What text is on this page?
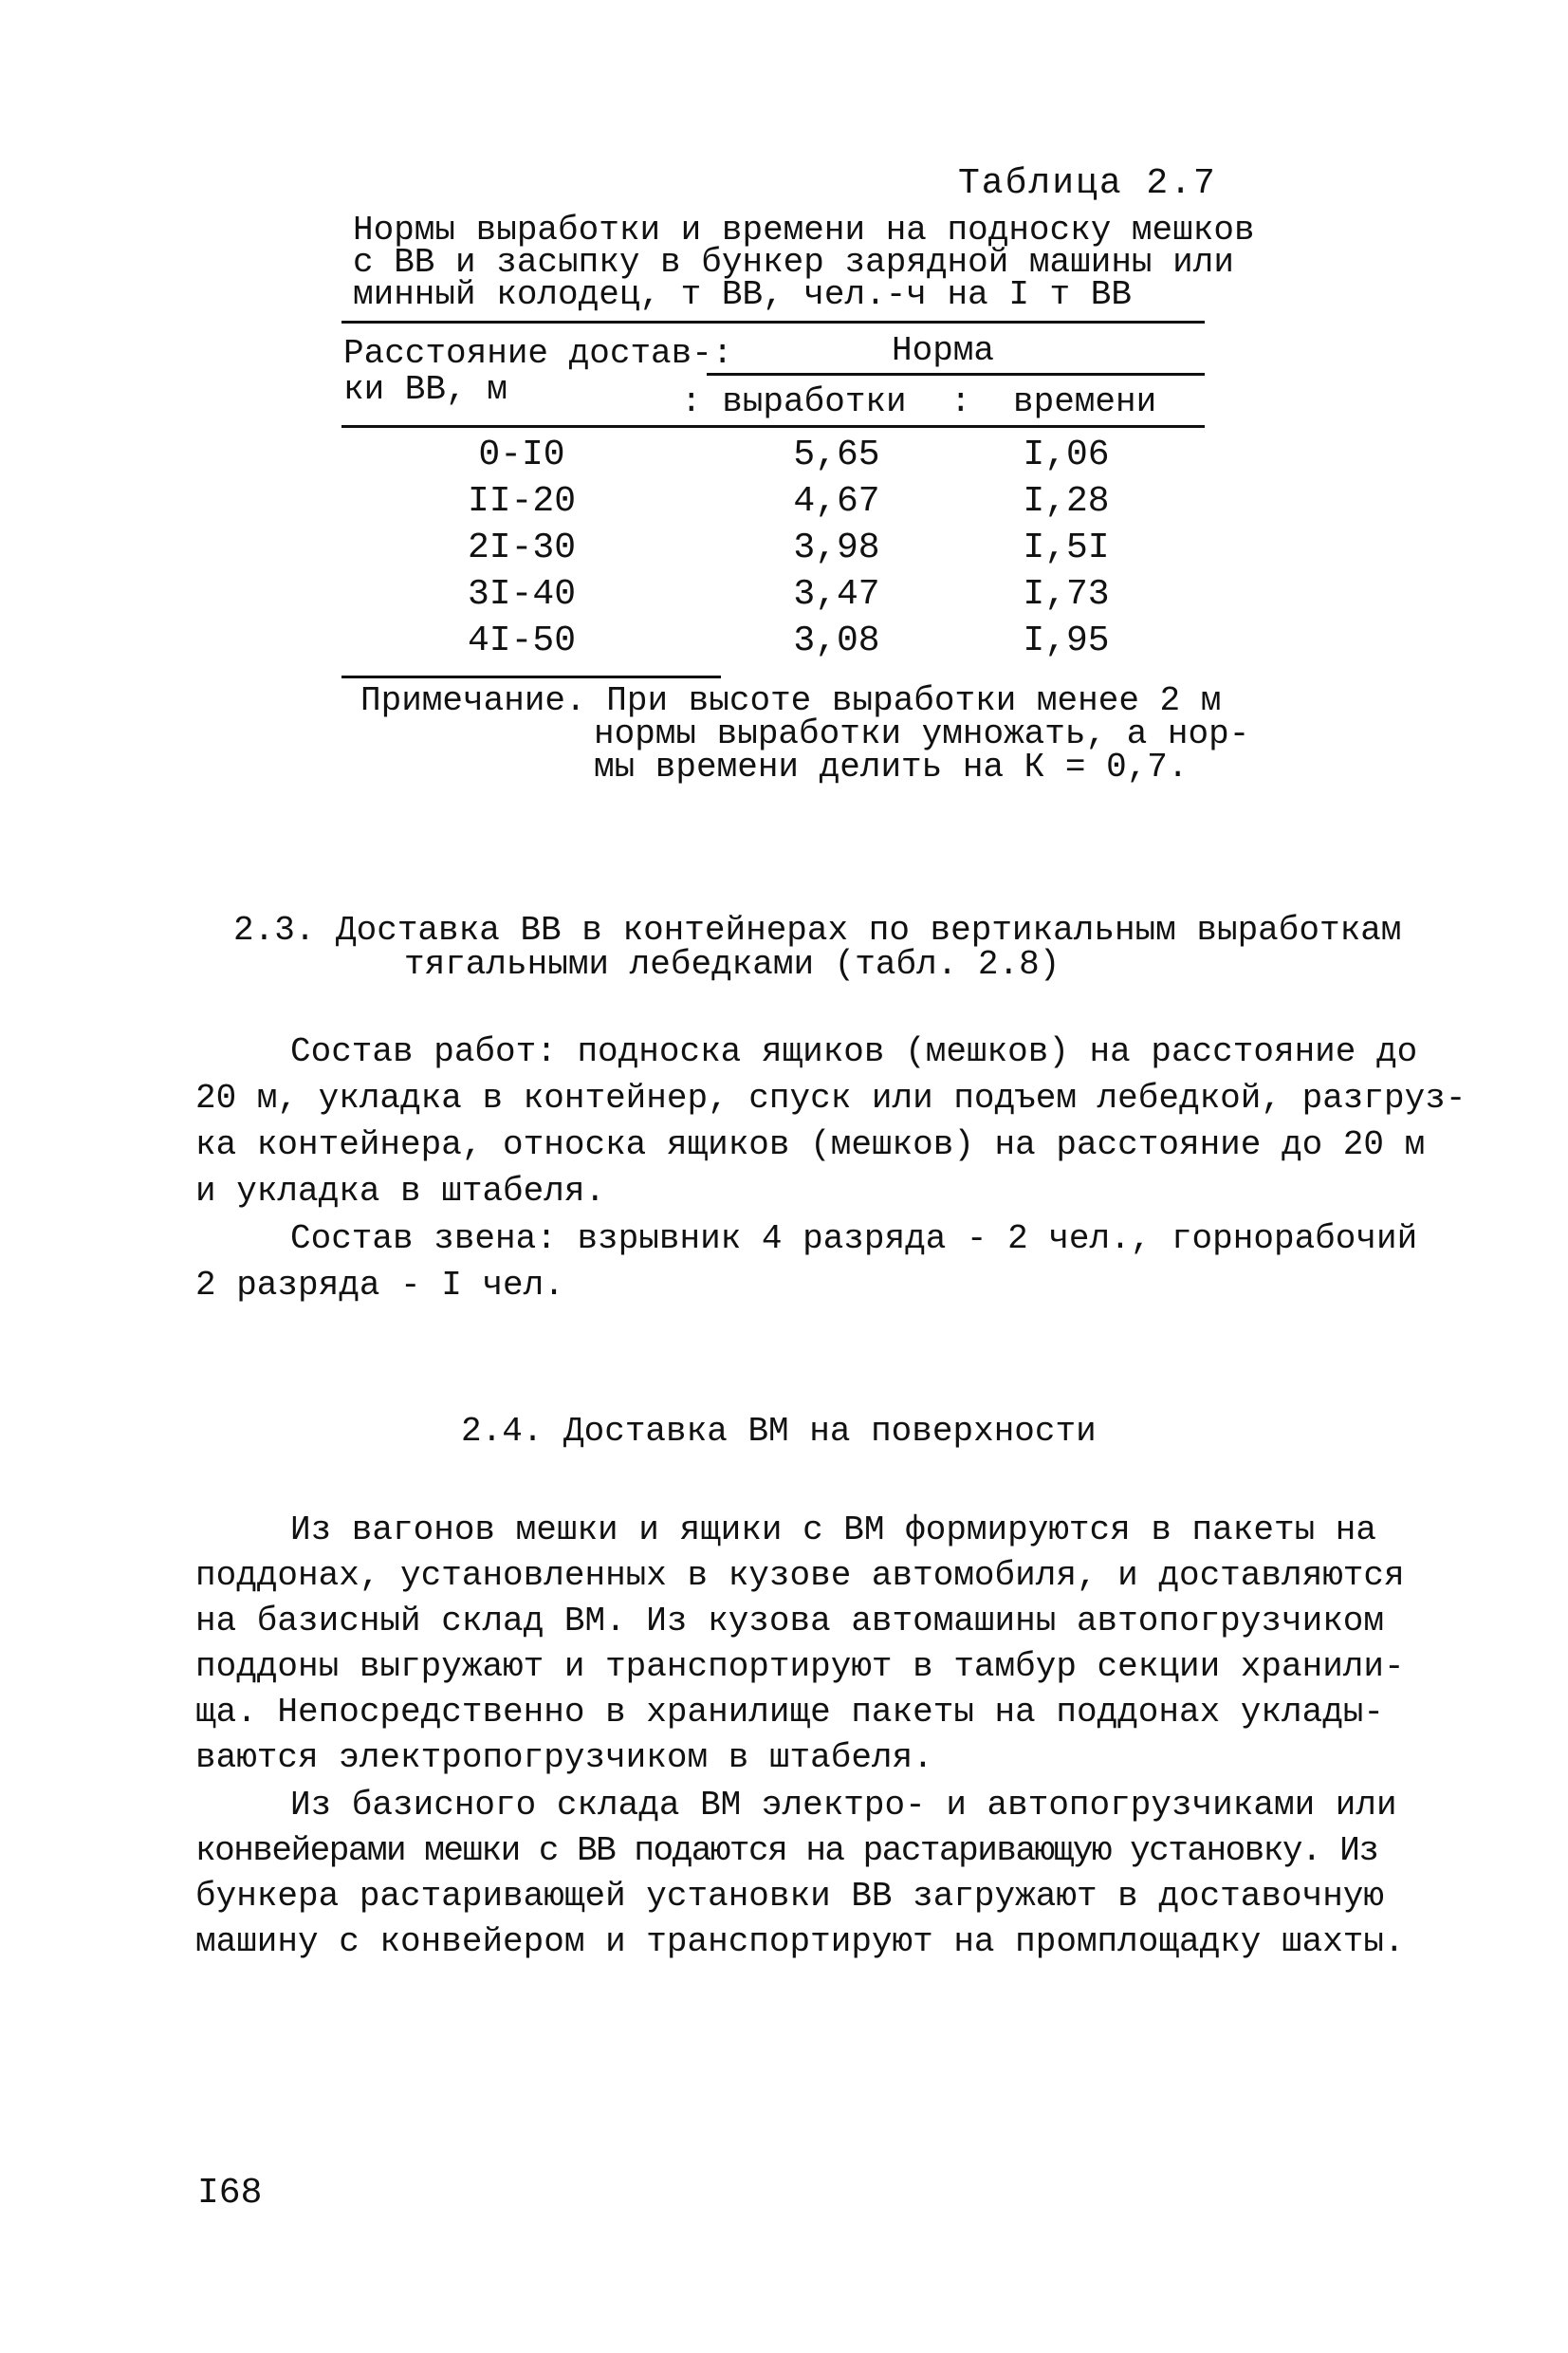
Таблица 2.7
Нормы выработки и времени на подноску мешков
с ВВ и засыпку в бункер зарядной машины или
минный колодец, т ВВ, чел.-ч на I т ВВ
Расстояние достав-:
ки ВВ, м
Норма
: выработки : времени
0-I0	5,65	I,06
II-20	4,67	I,28
2I-30	3,98	I,5I
3I-40	3,47	I,73
4I-50	3,08	I,95
Примечание. При высоте выработки менее 2 м
нормы выработки умножать, а нор-
мы времени делить на К = 0,7.
2.3. Доставка ВВ в контейнерах по вертикальным выработкам
тягальными лебедками (табл. 2.8)
Состав работ: подноска ящиков (мешков) на расстояние до
20 м, укладка в контейнер, спуск или подъем лебедкой, разгруз-
ка контейнера, относка ящиков (мешков) на расстояние до 20 м
и укладка в штабеля.
Состав звена: взрывник 4 разряда - 2 чел., горнорабочий
2 разряда - I чел.
2.4. Доставка ВМ на поверхности
Из вагонов мешки и ящики с ВМ формируются в пакеты на
поддонах, установленных в кузове автомобиля, и доставляются
на базисный склад ВМ. Из кузова автомашины автопогрузчиком
поддоны выгружают и транспортируют в тамбур секции хранили-
ща. Непосредственно в хранилище пакеты на поддонах уклады-
ваются электропогрузчиком в штабеля.
Из базисного склада ВМ электро- и автопогрузчиками или
конвейерами мешки с ВВ подаются на растаривающую установку. Из
бункера растаривающей установки ВВ загружают в доставочную
машину с конвейером и транспортируют на промплощадку шахты.
I68
